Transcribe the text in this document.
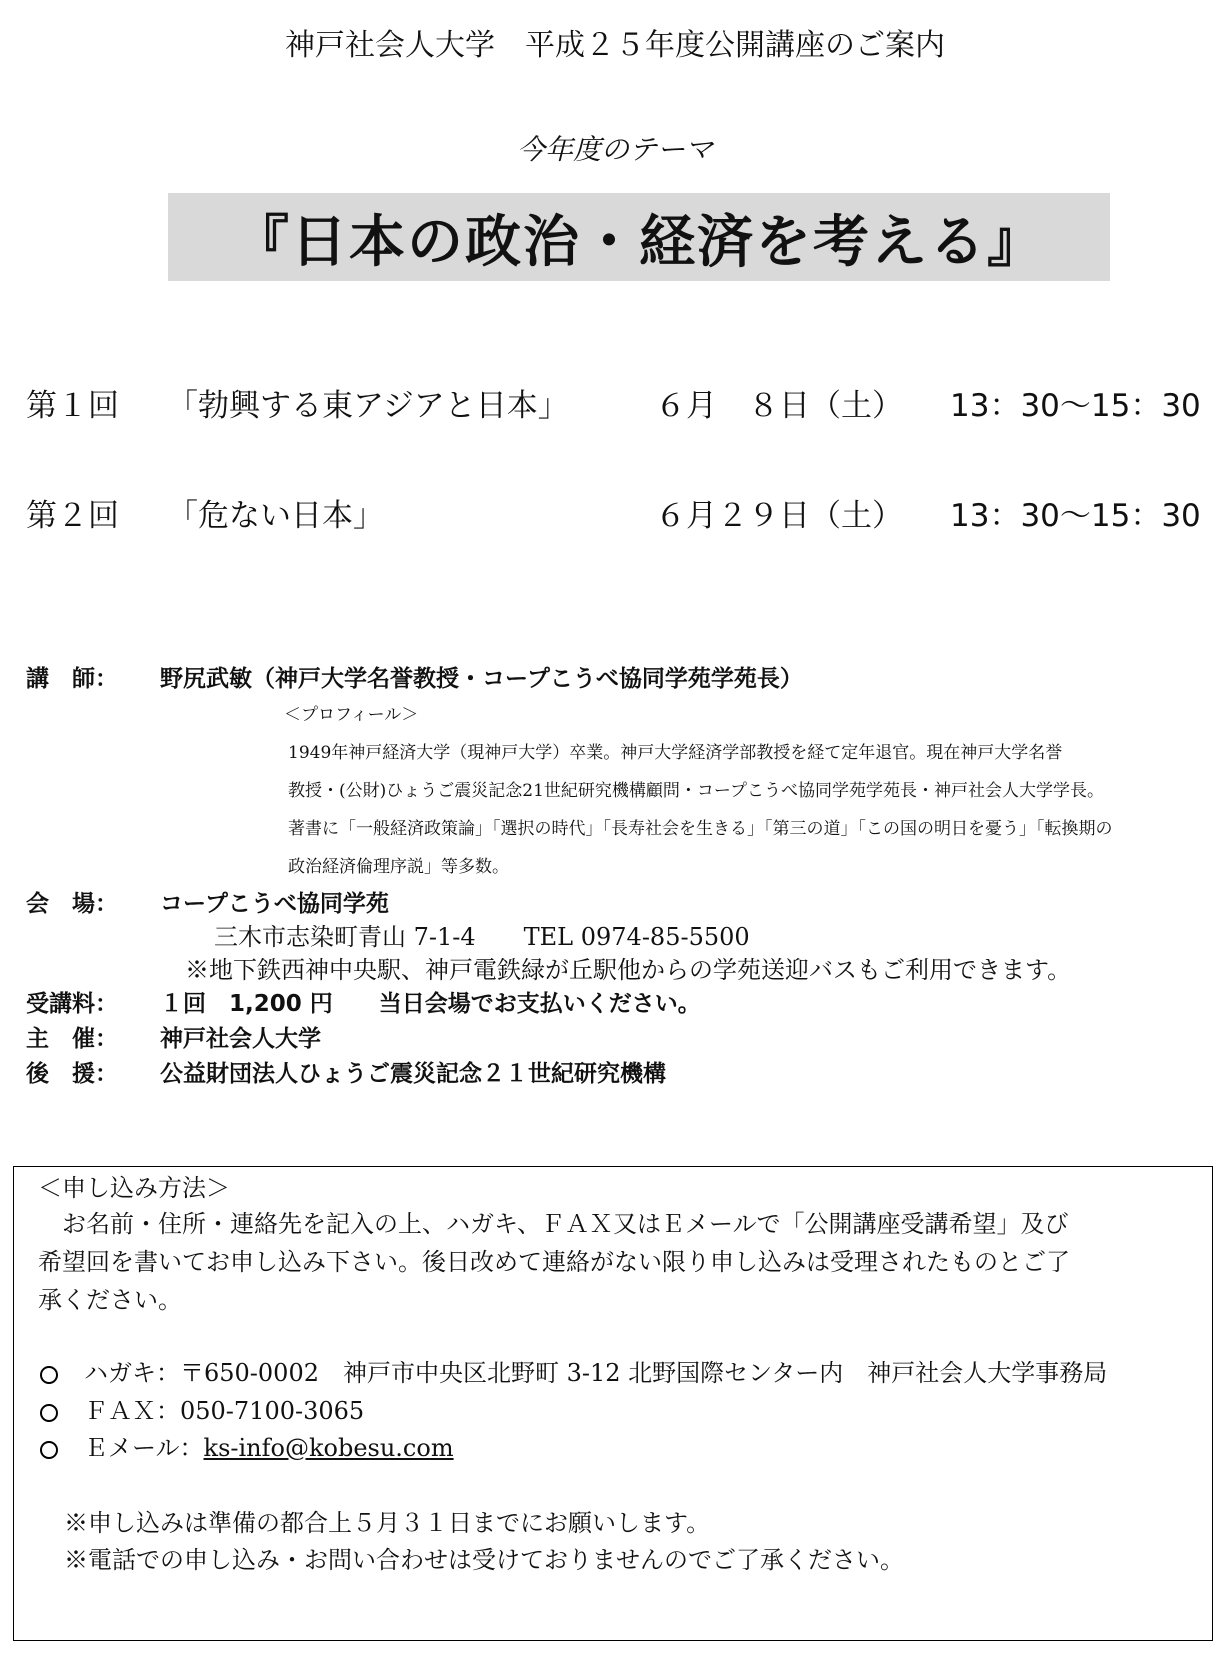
神戸社会人大学　平成２５年度公開講座のご案内
今年度のテーマ
『日本の政治・経済を考える』
第１回 「勃興する東アジアと日本」	６月　８日（土） 13：30〜15：30
第２回 「危ない日本」	６月２９日（土） 13：30〜15：30
講　師： 野尻武敏（神戸大学名誉教授・コープこうべ協同学苑学苑長）
＜プロフィール＞
1949年神戸経済大学（現神戸大学）卒業。神戸大学経済学部教授を経て定年退官。現在神戸大学名誉
教授・(公財)ひょうご震災記念21世紀研究機構顧問・コープこうべ協同学苑学苑長・神戸社会人大学学長。
著書に「一般経済政策論」「選択の時代」「長寿社会を生きる」「第三の道」「この国の明日を憂う」「転換期の
政治経済倫理序説」等多数。
会　場： コープこうべ協同学苑
三木市志染町青山 7-1-4　　TEL 0974-85-5500
※地下鉄西神中央駅、神戸電鉄緑が丘駅他からの学苑送迎バスもご利用できます。
受講料： １回　1,200 円　　当日会場でお支払いください。
主　催： 神戸社会人大学
後　援： 公益財団法人ひょうご震災記念２１世紀研究機構
＜申し込み方法＞
　お名前・住所・連絡先を記入の上、ハガキ、ＦＡＸ又はＥメールで「公開講座受講希望」及び
希望回を書いてお申し込み下さい。後日改めて連絡がない限り申し込みは受理されたものとご了
承ください。
ハガキ：〒650-0002　神戸市中央区北野町 3-12 北野国際センター内　神戸社会人大学事務局
ＦＡＸ：050-7100-3065
Ｅメール：ks-info@kobesu.com
※申し込みは準備の都合上５月３１日までにお願いします。
※電話での申し込み・お問い合わせは受けておりませんのでご了承ください。
